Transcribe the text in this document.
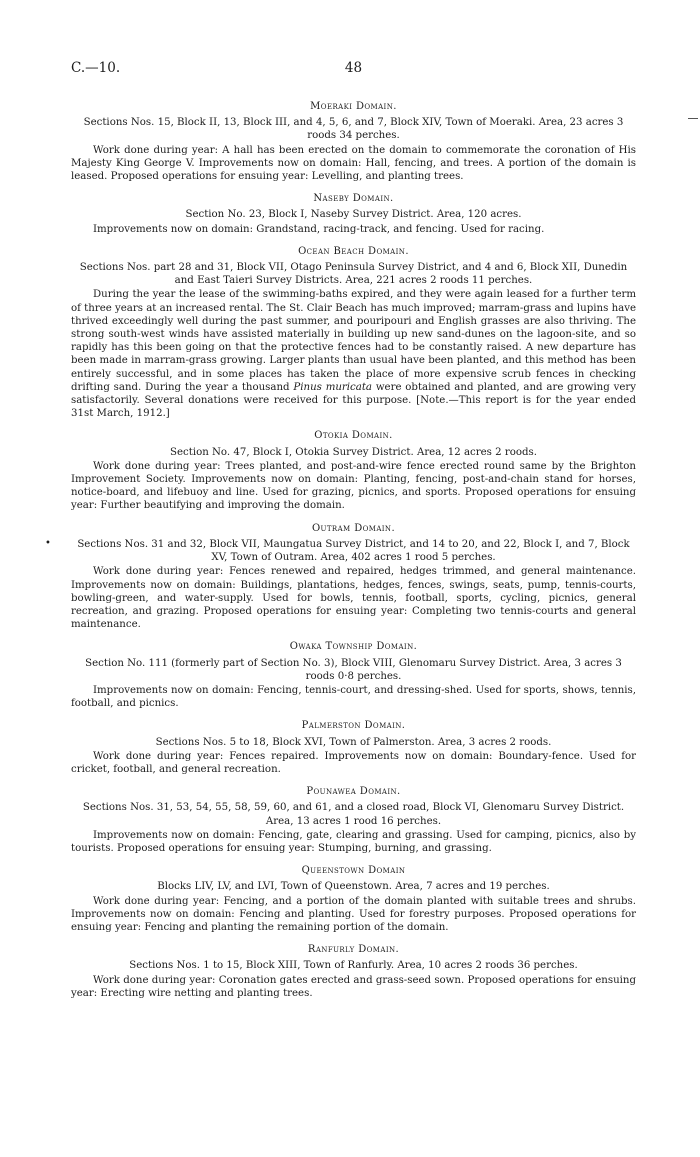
C.—10.	48
•
Moeraki Domain.
Sections Nos. 15, Block II, 13, Block III, and 4, 5, 6, and 7, Block XIV, Town of Moeraki. Area, 23 acres 3 roods 34 perches.

Work done during year: A hall has been erected on the domain to commemorate the coronation of His Majesty King George V. Improvements now on domain: Hall, fencing, and trees. A portion of the domain is leased. Proposed operations for ensuing year: Levelling, and planting trees.

Naseby Domain.
Section No. 23, Block I, Naseby Survey District. Area, 120 acres.

Improvements now on domain: Grandstand, racing-track, and fencing. Used for racing.

Ocean Beach Domain.
Sections Nos. part 28 and 31, Block VII, Otago Peninsula Survey District, and 4 and 6, Block XII, Dunedin and East Taieri Survey Districts. Area, 221 acres 2 roods 11 perches.

During the year the lease of the swimming-baths expired, and they were again leased for a further term of three years at an increased rental. The St. Clair Beach has much improved; marram-grass and lupins have thrived exceedingly well during the past summer, and pouripouri and English grasses are also thriving. The strong south-west winds have assisted materially in building up new sand-dunes on the lagoon-site, and so rapidly has this been going on that the protective fences had to be constantly raised. A new departure has been made in marram-grass growing. Larger plants than usual have been planted, and this method has been entirely successful, and in some places has taken the place of more expensive scrub fences in checking drifting sand. During the year a thousand Pinus muricata were obtained and planted, and are growing very satisfactorily. Several donations were received for this purpose. [Note.—This report is for the year ended 31st March, 1912.]

Otokia Domain.
Section No. 47, Block I, Otokia Survey District. Area, 12 acres 2 roods.

Work done during year: Trees planted, and post-and-wire fence erected round same by the Brighton Improvement Society. Improvements now on domain: Planting, fencing, post-and-chain stand for horses, notice-board, and lifebuoy and line. Used for grazing, picnics, and sports. Proposed operations for ensuing year: Further beautifying and improving the domain.

Outram Domain.
Sections Nos. 31 and 32, Block VII, Maungatua Survey District, and 14 to 20, and 22, Block I, and 7, Block XV, Town of Outram. Area, 402 acres 1 rood 5 perches.

Work done during year: Fences renewed and repaired, hedges trimmed, and general maintenance. Improvements now on domain: Buildings, plantations, hedges, fences, swings, seats, pump, tennis-courts, bowling-green, and water-supply. Used for bowls, tennis, football, sports, cycling, picnics, general recreation, and grazing. Proposed operations for ensuing year: Completing two tennis-courts and general maintenance.

Owaka Township Domain.
Section No. 111 (formerly part of Section No. 3), Block VIII, Glenomaru Survey District. Area, 3 acres 3 roods 0·8 perches.

Improvements now on domain: Fencing, tennis-court, and dressing-shed. Used for sports, shows, tennis, football, and picnics.

Palmerston Domain.
Sections Nos. 5 to 18, Block XVI, Town of Palmerston. Area, 3 acres 2 roods.

Work done during year: Fences repaired. Improvements now on domain: Boundary-fence. Used for cricket, football, and general recreation.

Pounawea Domain.
Sections Nos. 31, 53, 54, 55, 58, 59, 60, and 61, and a closed road, Block VI, Glenomaru Survey District. Area, 13 acres 1 rood 16 perches.

Improvements now on domain: Fencing, gate, clearing and grassing. Used for camping, picnics, also by tourists. Proposed operations for ensuing year: Stumping, burning, and grassing.

Queenstown Domain
Blocks LIV, LV, and LVI, Town of Queenstown. Area, 7 acres and 19 perches.

Work done during year: Fencing, and a portion of the domain planted with suitable trees and shrubs. Improvements now on domain: Fencing and planting. Used for forestry purposes. Proposed operations for ensuing year: Fencing and planting the remaining portion of the domain.

Ranfurly Domain.
Sections Nos. 1 to 15, Block XIII, Town of Ranfurly. Area, 10 acres 2 roods 36 perches.

Work done during year: Coronation gates erected and grass-seed sown. Proposed operations for ensuing year: Erecting wire netting and planting trees.
